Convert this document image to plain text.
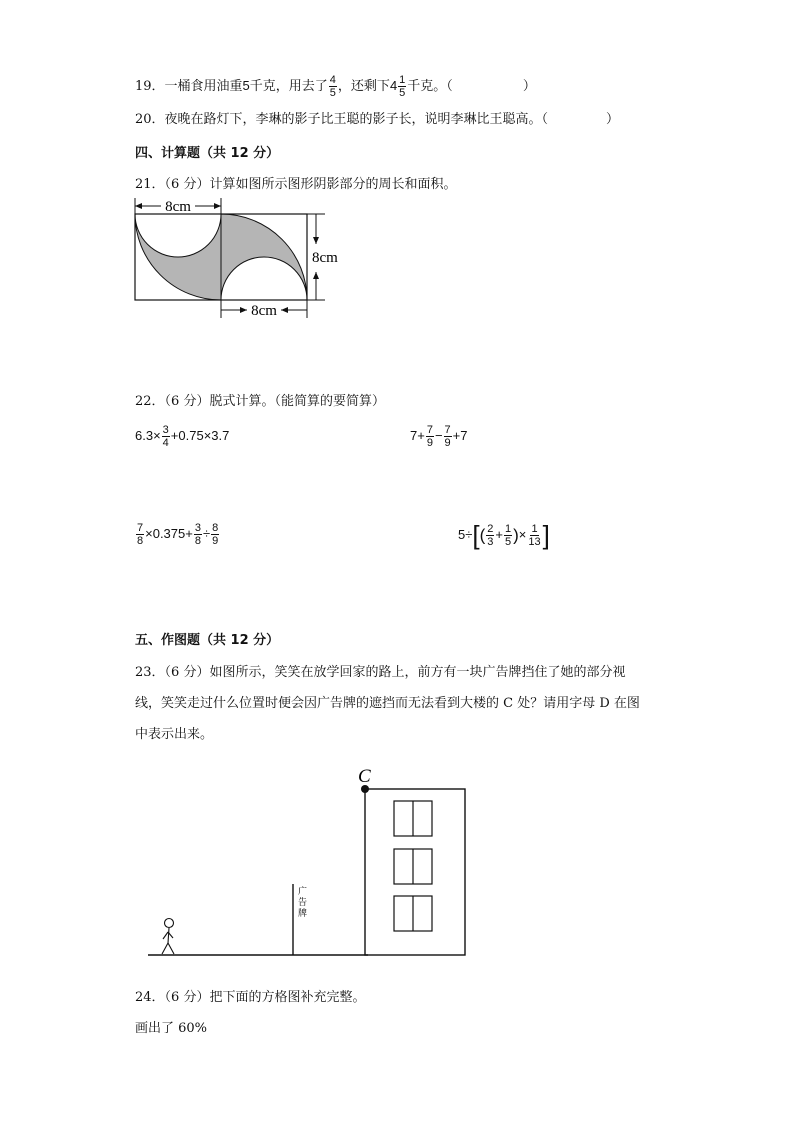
19．一桶食用油重5千克，用去了 $\frac{4}{5}$ ，还剩下$4 \frac{1}{5}$ 千克。（	）
20．夜晚在路灯下，李琳的影子比王聪的影子长，说明李琳比王聪高。（	）
四、计算题（共 12 分）
21．（6 分）计算如图所示图形阴影部分的周长和面积。
8cm
8cm
8cm
22．（6 分）脱式计算。（能简算的要简算）
$6.3\times \frac{3}{4} +0.75\times 3.7$	$7+ \frac{7}{9} - \frac{7}{9} +7$
$\frac{7}{8} \times 0.375+ \frac{3}{8} \div \frac{8}{9}$	$5\div[( \frac{2}{3} + \frac{1}{5}$ )× $\frac{1}{13}$ ]
五、作图题（共 12 分）
23．（6 分）如图所示，笑笑在放学回家的路上，前方有一块广告牌挡住了她的部分视
线，笑笑走过什么位置时便会因广告牌的遮挡而无法看到大楼的 C 处？请用字母 D 在图
中表示出来。
C
广
告
牌
24．（6 分）把下面的方格图补充完整。
画出了 60%
